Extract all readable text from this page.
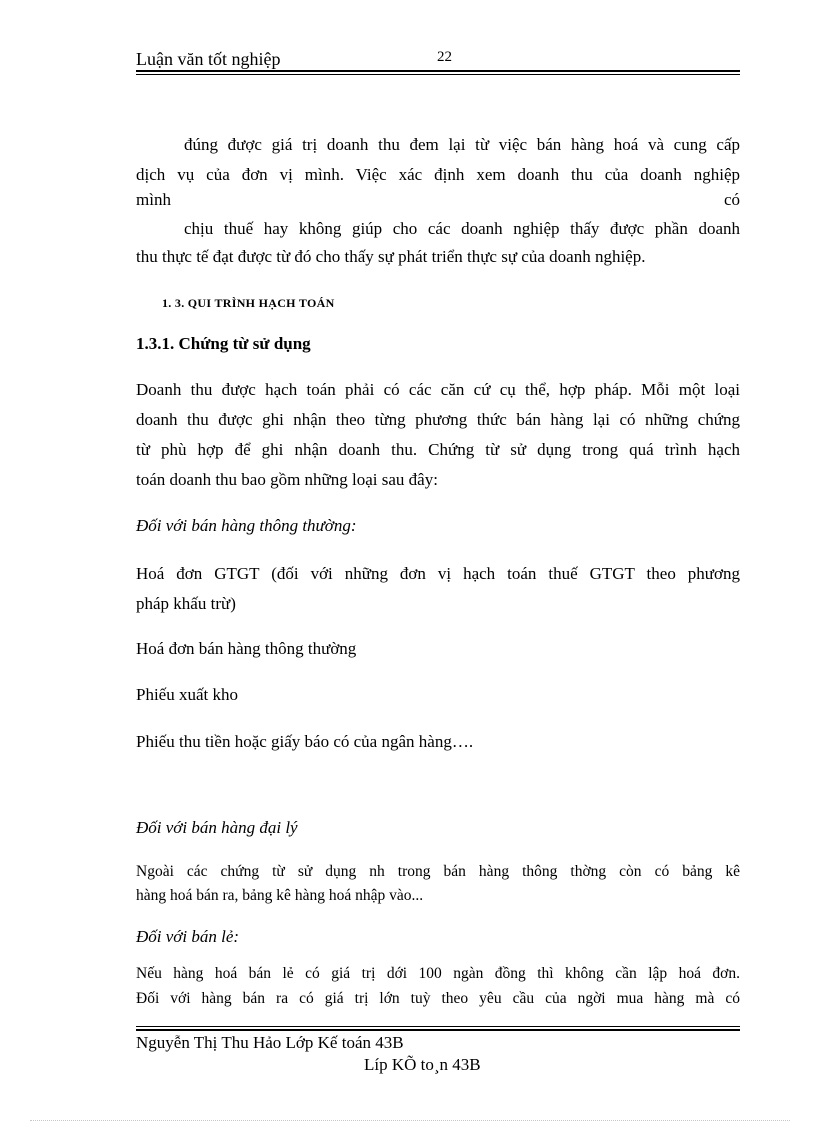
Luận văn tốt nghiệp	22
đúng được giá trị doanh thu đem lại từ việc bán hàng hoá và cung cấp
dịch vụ của đơn vị mình. Việc xác định xem doanh thu của doanh nghiệp
mình	có
chịu thuế hay không giúp cho các doanh nghiệp thấy được phần doanh
thu thực tế đạt được từ đó cho thấy sự phát triển thực sự của doanh nghiệp.
1. 3. QUI TRÌNH HẠCH TOÁN
1.3.1. Chứng từ sử dụng
Doanh thu được hạch toán phải có các căn cứ cụ thể, hợp pháp. Mỗi một loại
doanh thu được ghi nhận theo từng phương thức bán hàng lại có những chứng
từ phù hợp để ghi nhận doanh thu. Chứng từ sử dụng trong quá trình hạch
toán doanh thu bao gồm những loại sau đây:
Đối với bán hàng thông thường:
Hoá đơn GTGT (đối với những đơn vị hạch toán thuế GTGT theo phương
pháp khấu trừ)
Hoá đơn bán hàng thông thường
Phiếu xuất kho
Phiếu thu tiền hoặc giấy báo có của ngân hàng….
Đối với bán hàng đại lý
Ngoài các chứng từ sử dụng nh trong bán hàng thông thờng còn có bảng kê
hàng hoá bán ra, bảng kê hàng hoá nhập vào...
Đối với bán lẻ:
Nếu hàng hoá bán lẻ có giá trị dới 100 ngàn đồng thì không cần lập hoá đơn.
Đối với hàng bán ra có giá trị lớn tuỳ theo yêu cầu của ngời mua hàng mà có
Nguyễn Thị Thu Hảo Lớp Kế toán 43B
Líp KÕ to¸n 43B
